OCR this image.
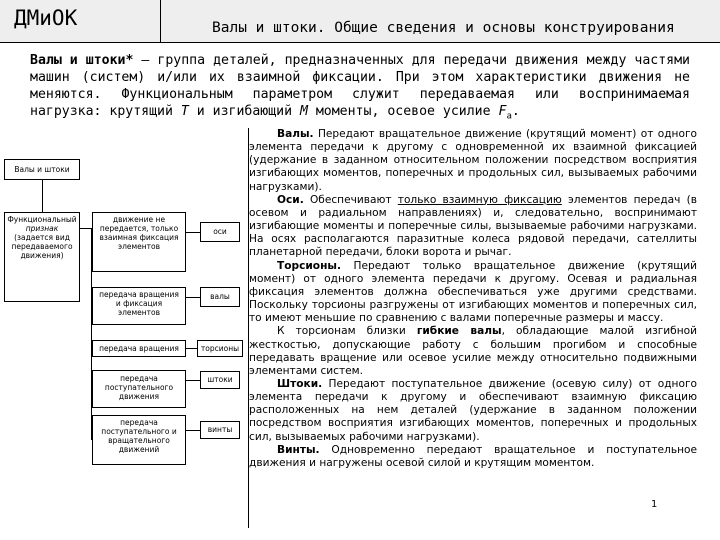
ДМиОК	Валы и штоки. Общие сведения и основы конструирования
Валы и штоки* – группа деталей, предназначенных для передачи движения между частями машин (систем) и/или их взаимной фиксации. При этом характеристики движения не меняются. Функциональным параметром служит передаваемая или воспринимаемая нагрузка: крутящий T и изгибающий M моменты, осевое усилие $F_a$.
Валы и штоки
Функциональный
признак
(задается вид передаваемого движения)
движение не передается, только взаимная фиксация элементов
передача вращения и фиксация элементов
передача вращения
передача поступательного движения
передача поступательного и вращательного движений
оси
валы
торсионы
штоки
винты

Валы. Передают вращательное движение (крутящий момент) от одного элемента передачи к другому с одновременной их взаимной фиксацией (удержание в заданном относительном положении посредством восприятия изгибающих моментов, поперечных и продольных сил, вызываемых рабочими нагрузками).

Оси. Обеспечивают только взаимную фиксацию элементов передач (в осевом и радиальном направлениях) и, следовательно, воспринимают изгибающие моменты и поперечные силы, вызываемые рабочими нагрузками. На осях располагаются паразитные колеса рядовой передачи, сателлиты планетарной передачи, блоки ворота и рычаг.

Торсионы. Передают только вращательное движение (крутящий момент) от одного элемента передачи к другому. Осевая и радиальная фиксация элементов должна обеспечиваться уже другими средствами. Поскольку торсионы разгружены от изгибающих моментов и поперечных сил, то имеют меньшие по сравнению с валами поперечные размеры и массу.

К торсионам близки гибкие валы, обладающие малой изгибной жесткостью, допускающие работу с большим прогибом и способные передавать вращение или осевое усилие между относительно подвижными элементами систем.

Штоки. Передают поступательное движение (осевую силу) от одного элемента передачи к другому и обеспечивают взаимную фиксацию расположенных на нем деталей (удержание в заданном положении посредством восприятия изгибающих моментов, поперечных и продольных сил, вызываемых рабочими нагрузками).

Винты. Одновременно передают вращательное и поступательное движения и нагружены осевой силой и крутящим моментом.

1
